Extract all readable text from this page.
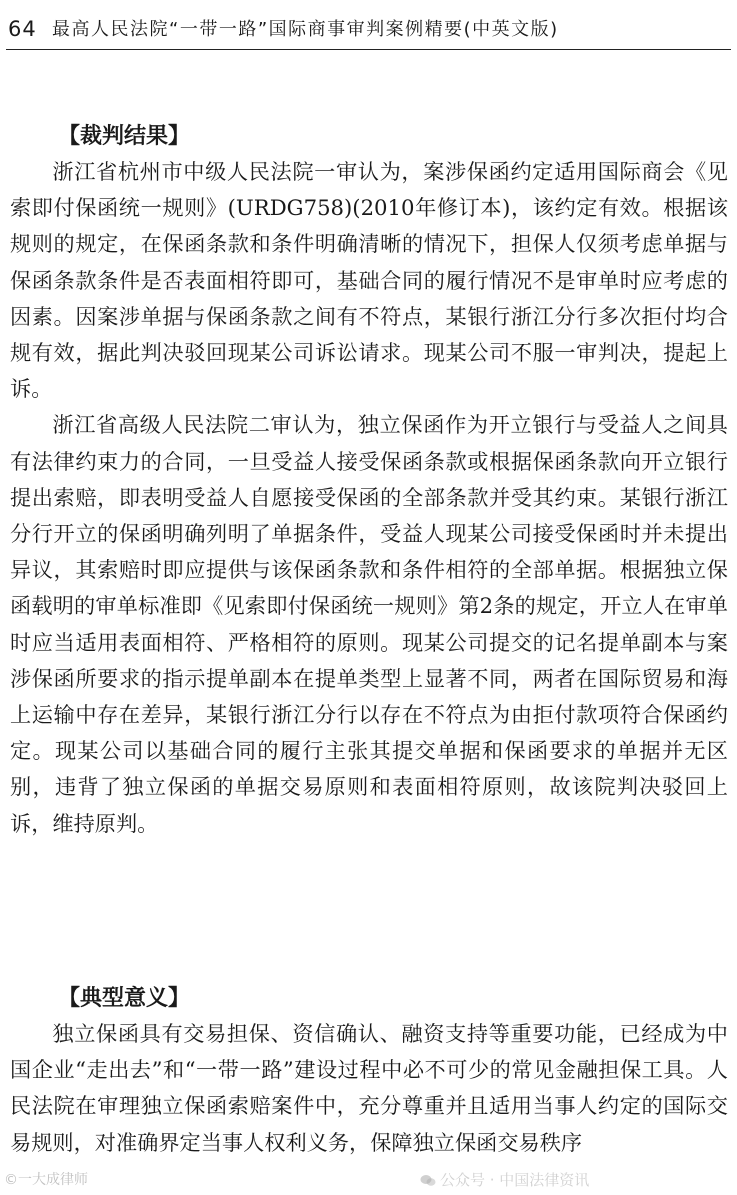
64 最高人民法院“一带一路”国际商事审判案例精要(中英文版)

【裁判结果】

浙江省杭州市中级人民法院一审认为，案涉保函约定适用国际商会《见索即付保函统一规则》(URDG758)(2010年修订本)，该约定有效。根据该规则的规定，在保函条款和条件明确清晰的情况下，担保人仅须考虑单据与保函条款条件是否表面相符即可，基础合同的履行情况不是审单时应考虑的因素。因案涉单据与保函条款之间有不符点，某银行浙江分行多次拒付均合规有效，据此判决驳回现某公司诉讼请求。现某公司不服一审判决，提起上诉。

浙江省高级人民法院二审认为，独立保函作为开立银行与受益人之间具有法律约束力的合同，一旦受益人接受保函条款或根据保函条款向开立银行提出索赔，即表明受益人自愿接受保函的全部条款并受其约束。某银行浙江分行开立的保函明确列明了单据条件，受益人现某公司接受保函时并未提出异议，其索赔时即应提供与该保函条款和条件相符的全部单据。根据独立保函载明的审单标准即《见索即付保函统一规则》第2条的规定，开立人在审单时应当适用表面相符、严格相符的原则。现某公司提交的记名提单副本与案涉保函所要求的指示提单副本在提单类型上显著不同，两者在国际贸易和海上运输中存在差异，某银行浙江分行以存在不符点为由拒付款项符合保函约定。现某公司以基础合同的履行主张其提交单据和保函要求的单据并无区别，违背了独立保函的单据交易原则和表面相符原则，故该院判决驳回上诉，维持原判。

【典型意义】

独立保函具有交易担保、资信确认、融资支持等重要功能，已经成为中国企业“走出去”和“一带一路”建设过程中必不可少的常见金融担保工具。人民法院在审理独立保函索赔案件中，充分尊重并且适用当事人约定的国际交易规则，对准确界定当事人权利义务，保障独立保函交易秩序

©一大成律师	公众号 · 中国法律资讯
